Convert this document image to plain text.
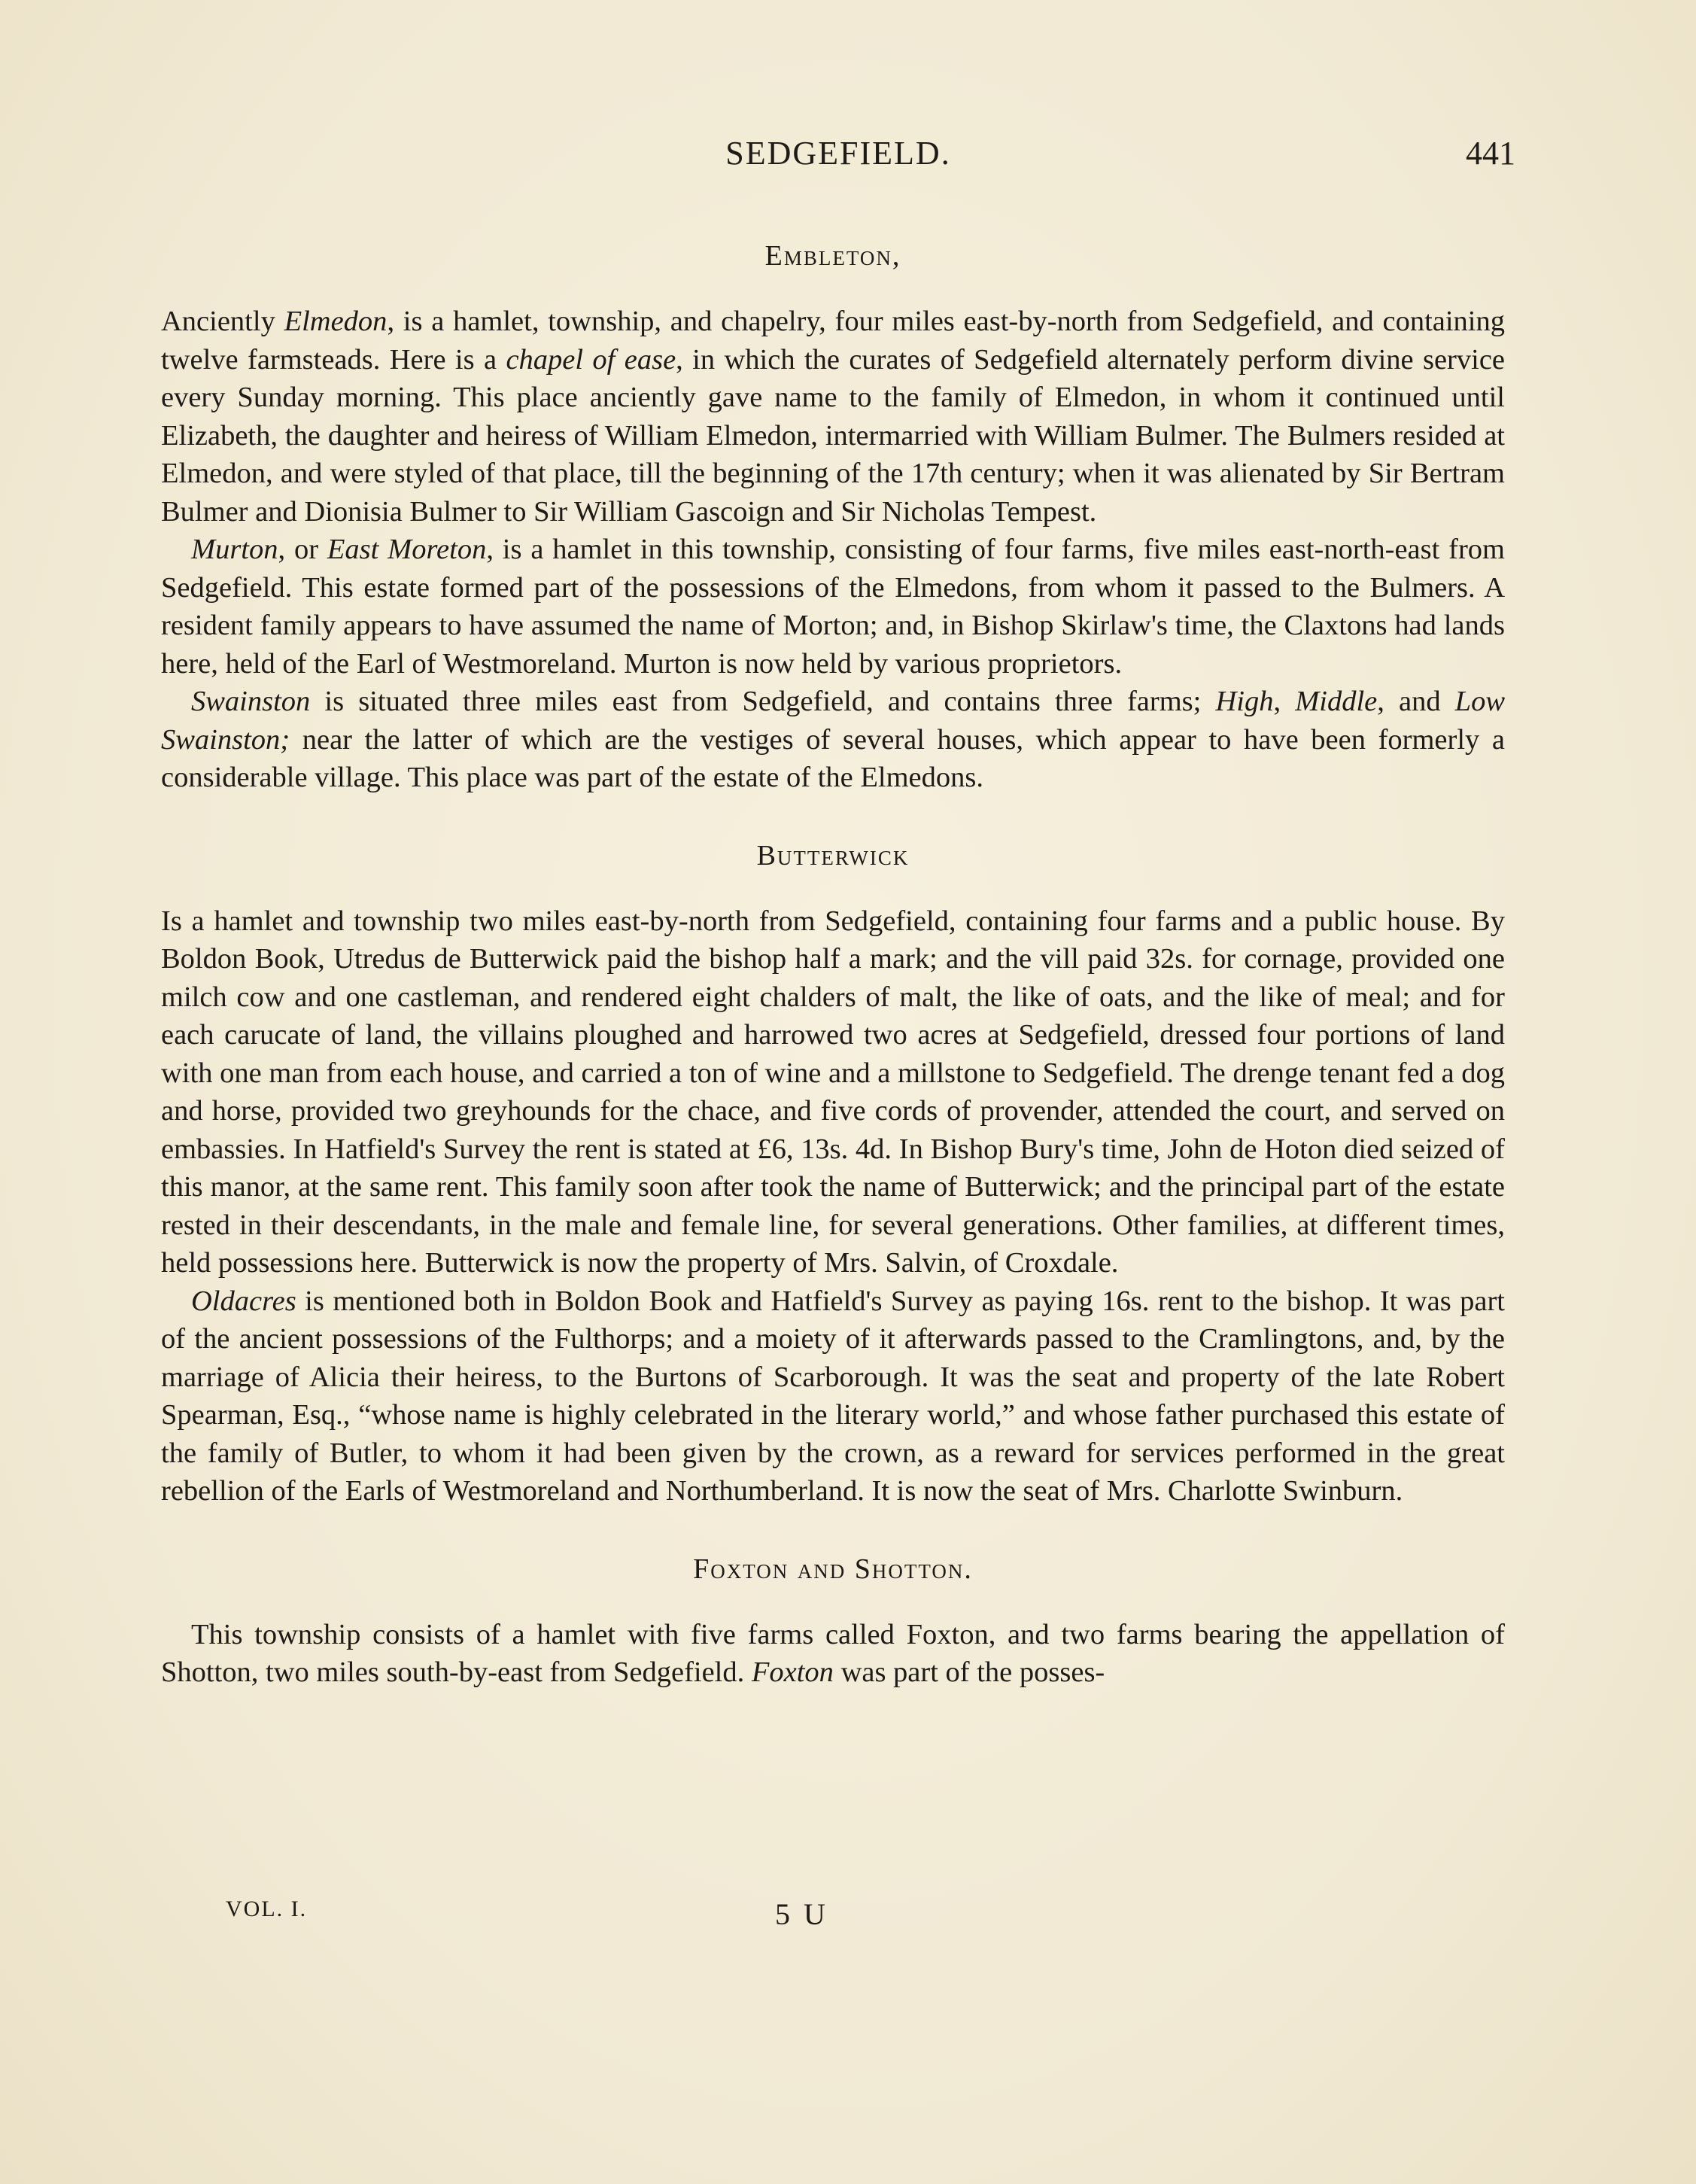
SEDGEFIELD.	441
Embleton,

Anciently Elmedon, is a hamlet, township, and chapelry, four miles east-by-north from Sedgefield, and containing twelve farmsteads. Here is a chapel of ease, in which the curates of Sedgefield alternately perform divine service every Sunday morning. This place anciently gave name to the family of Elmedon, in whom it continued until Elizabeth, the daughter and heiress of William Elmedon, intermarried with William Bulmer. The Bulmers resided at Elmedon, and were styled of that place, till the beginning of the 17th century; when it was alienated by Sir Bertram Bulmer and Dionisia Bulmer to Sir William Gascoign and Sir Nicholas Tempest.

Murton, or East Moreton, is a hamlet in this township, consisting of four farms, five miles east-north-east from Sedgefield. This estate formed part of the possessions of the Elmedons, from whom it passed to the Bulmers. A resident family appears to have assumed the name of Morton; and, in Bishop Skirlaw's time, the Claxtons had lands here, held of the Earl of Westmoreland. Murton is now held by various proprietors.

Swainston is situated three miles east from Sedgefield, and contains three farms; High, Middle, and Low Swainston; near the latter of which are the vestiges of several houses, which appear to have been formerly a considerable village. This place was part of the estate of the Elmedons.

Butterwick

Is a hamlet and township two miles east-by-north from Sedgefield, containing four farms and a public house. By Boldon Book, Utredus de Butterwick paid the bishop half a mark; and the vill paid 32s. for cornage, provided one milch cow and one castleman, and rendered eight chalders of malt, the like of oats, and the like of meal; and for each carucate of land, the villains ploughed and harrowed two acres at Sedgefield, dressed four portions of land with one man from each house, and carried a ton of wine and a millstone to Sedgefield. The drenge tenant fed a dog and horse, provided two greyhounds for the chace, and five cords of provender, attended the court, and served on embassies. In Hatfield's Survey the rent is stated at £6, 13s. 4d. In Bishop Bury's time, John de Hoton died seized of this manor, at the same rent. This family soon after took the name of Butterwick; and the principal part of the estate rested in their descendants, in the male and female line, for several generations. Other families, at different times, held possessions here. Butterwick is now the property of Mrs. Salvin, of Croxdale.

Oldacres is mentioned both in Boldon Book and Hatfield's Survey as paying 16s. rent to the bishop. It was part of the ancient possessions of the Fulthorps; and a moiety of it afterwards passed to the Cramlingtons, and, by the marriage of Alicia their heiress, to the Burtons of Scarborough. It was the seat and property of the late Robert Spearman, Esq., “whose name is highly celebrated in the literary world,” and whose father purchased this estate of the family of Butler, to whom it had been given by the crown, as a reward for services performed in the great rebellion of the Earls of Westmoreland and Northumberland. It is now the seat of Mrs. Charlotte Swinburn.

Foxton and Shotton.

This township consists of a hamlet with five farms called Foxton, and two farms bearing the appellation of Shotton, two miles south-by-east from Sedgefield. Foxton was part of the posses-

VOL. I.	5 U
